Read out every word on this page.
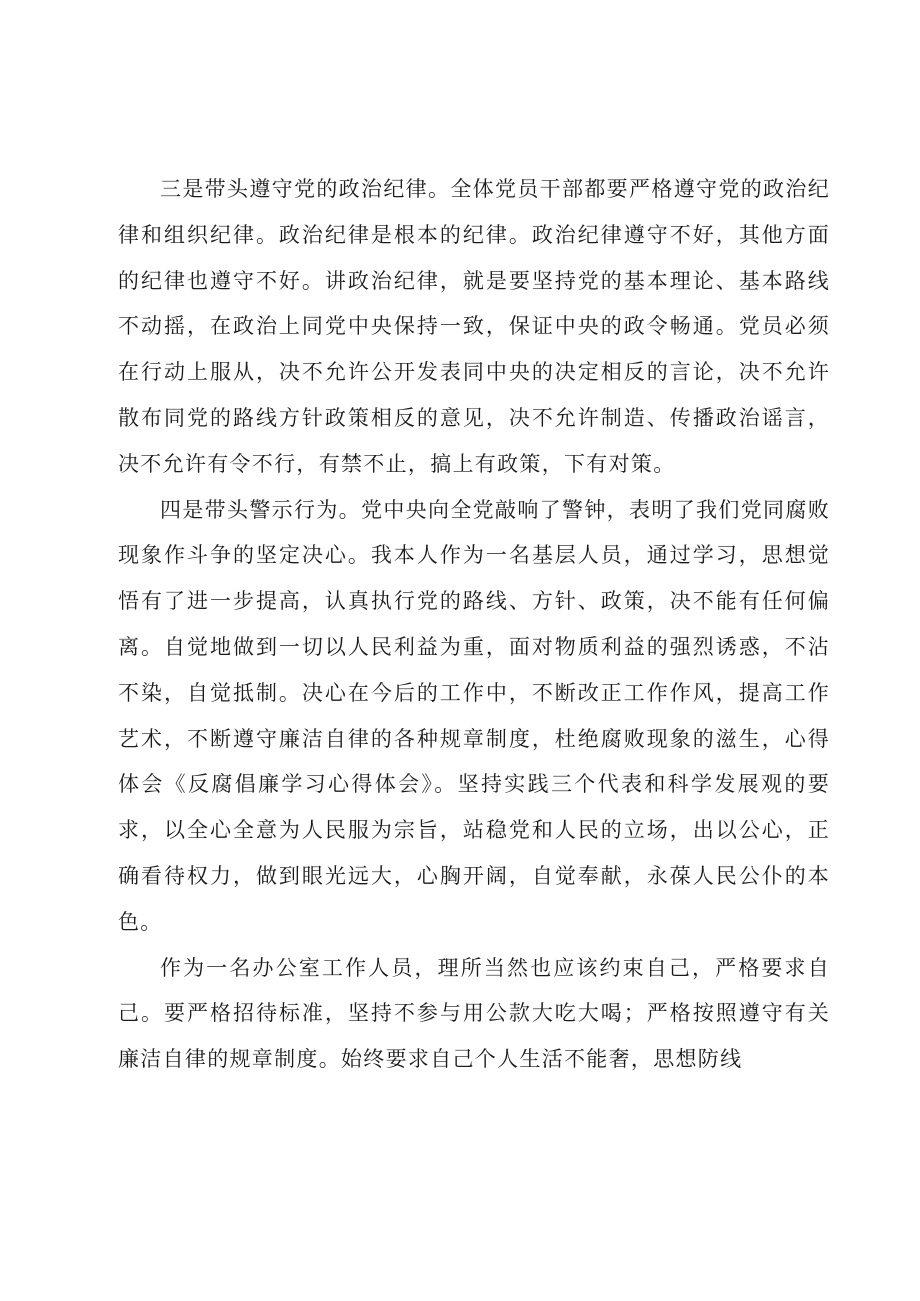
三是带头遵守党的政治纪律。全体党员干部都要严格遵守党的政治纪律和组织纪律。政治纪律是根本的纪律。政治纪律遵守不好，其他方面的纪律也遵守不好。讲政治纪律，就是要坚持党的基本理论、基本路线不动摇，在政治上同党中央保持一致，保证中央的政令畅通。党员必须在行动上服从，决不允许公开发表同中央的决定相反的言论，决不允许散布同党的路线方针政策相反的意见，决不允许制造、传播政治谣言，决不允许有令不行，有禁不止，搞上有政策，下有对策。

四是带头警示行为。党中央向全党敲响了警钟，表明了我们党同腐败现象作斗争的坚定决心。我本人作为一名基层人员，通过学习，思想觉悟有了进一步提高，认真执行党的路线、方针、政策，决不能有任何偏离。自觉地做到一切以人民利益为重，面对物质利益的强烈诱惑，不沾不染，自觉抵制。决心在今后的工作中，不断改正工作作风，提高工作艺术，不断遵守廉洁自律的各种规章制度，杜绝腐败现象的滋生，心得体会《反腐倡廉学习心得体会》。坚持实践三个代表和科学发展观的要求，以全心全意为人民服为宗旨，站稳党和人民的立场，出以公心，正确看待权力，做到眼光远大，心胸开阔，自觉奉献，永葆人民公仆的本色。

作为一名办公室工作人员，理所当然也应该约束自己，严格要求自己。要严格招待标准，坚持不参与用公款大吃大喝；严格按照遵守有关廉洁自律的规章制度。始终要求自己个人生活不能奢，思想防线
